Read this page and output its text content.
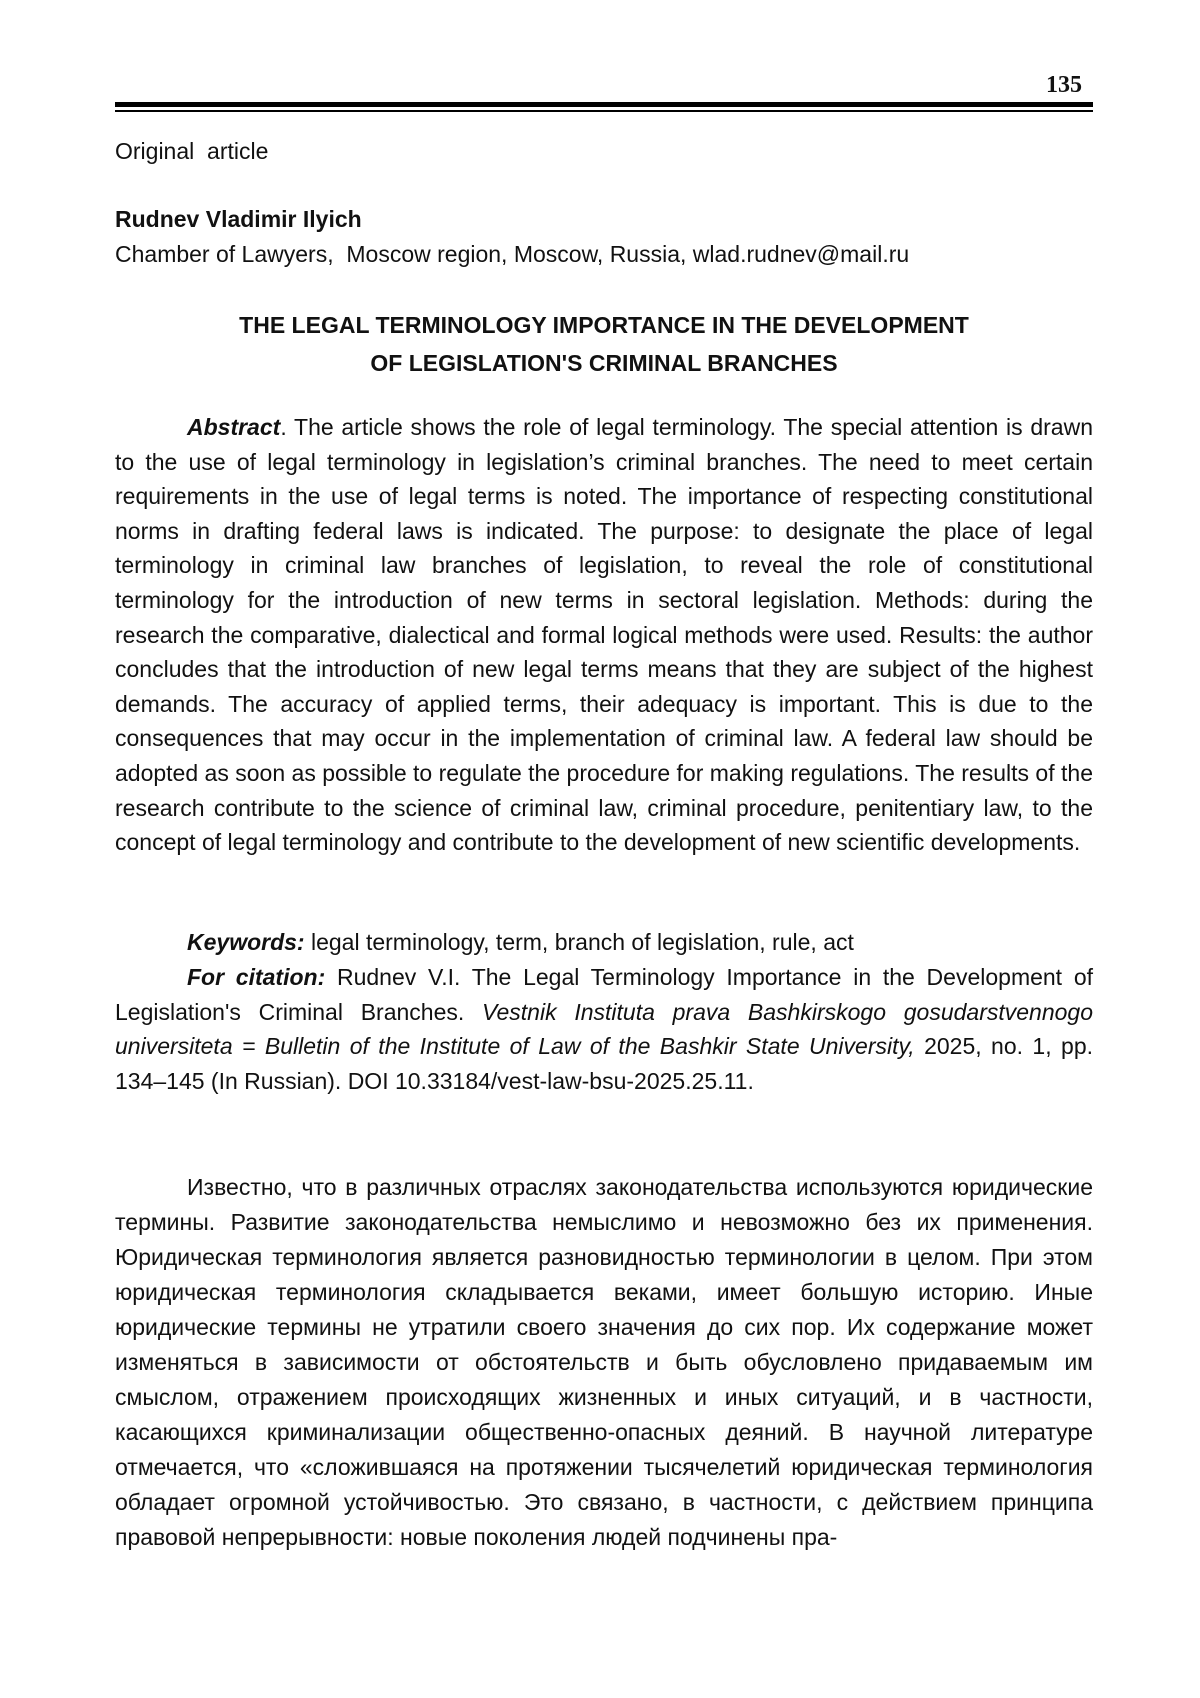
135
Original  article
Rudnev Vladimir Ilyich
Chamber of Lawyers,  Moscow region, Moscow, Russia, wlad.rudnev@mail.ru
THE LEGAL TERMINOLOGY IMPORTANCE IN THE DEVELOPMENT
OF LEGISLATION'S CRIMINAL BRANCHES

Abstract. The article shows the role of legal terminology. The special attention is drawn to the use of legal terminology in legislation’s criminal branches. The need to meet certain requirements in the use of legal terms is noted. The importance of respecting constitutional norms in drafting federal laws is indicated. The purpose: to designate the place of legal terminology in criminal law branches of legislation, to reveal the role of constitutional terminology for the introduction of new terms in sectoral legislation. Methods: during the research the comparative, dialectical and formal logical methods were used. Results: the author concludes that the introduction of new legal terms means that they are subject of the highest demands. The accuracy of applied terms, their adequacy is important. This is due to the consequences that may occur in the implementation of criminal law. A federal law should be adopted as soon as possible to regulate the procedure for making regulations. The results of the research contribute to the science of criminal law, criminal procedure, penitentiary law, to the concept of legal terminology and contribute to the development of new scientific developments.

Keywords: legal terminology, term, branch of legislation, rule, act

For citation: Rudnev V.I. The Legal Terminology Importance in the Development of Legislation's Criminal Branches. Vestnik Instituta prava Bashkirskogo gosudarstvennogo universiteta = Bulletin of the Institute of Law of the Bashkir State University, 2025, no. 1, pp. 134–145 (In Russian). DOI 10.33184/vest-law-bsu-2025.25.11.

Известно, что в различных отраслях законодательства используются юридические термины. Развитие законодательства немыслимо и невозможно без их применения. Юридическая терминология является разновидностью терминологии в целом. При этом юридическая терминология складывается веками, имеет большую историю. Иные юридические термины не утратили своего значения до сих пор. Их содержание может изменяться в зависимости от обстоятельств и быть обусловлено придаваемым им смыслом, отражением происходящих жизненных и иных ситуаций, и в частности, касающихся криминализации общественно-опасных деяний. В научной литературе отмечается, что «сложившаяся на протяжении тысячелетий юридическая терминология обладает огромной устойчивостью. Это связано, в частности, с действием принципа правовой непрерывности: новые поколения людей подчинены пра-
